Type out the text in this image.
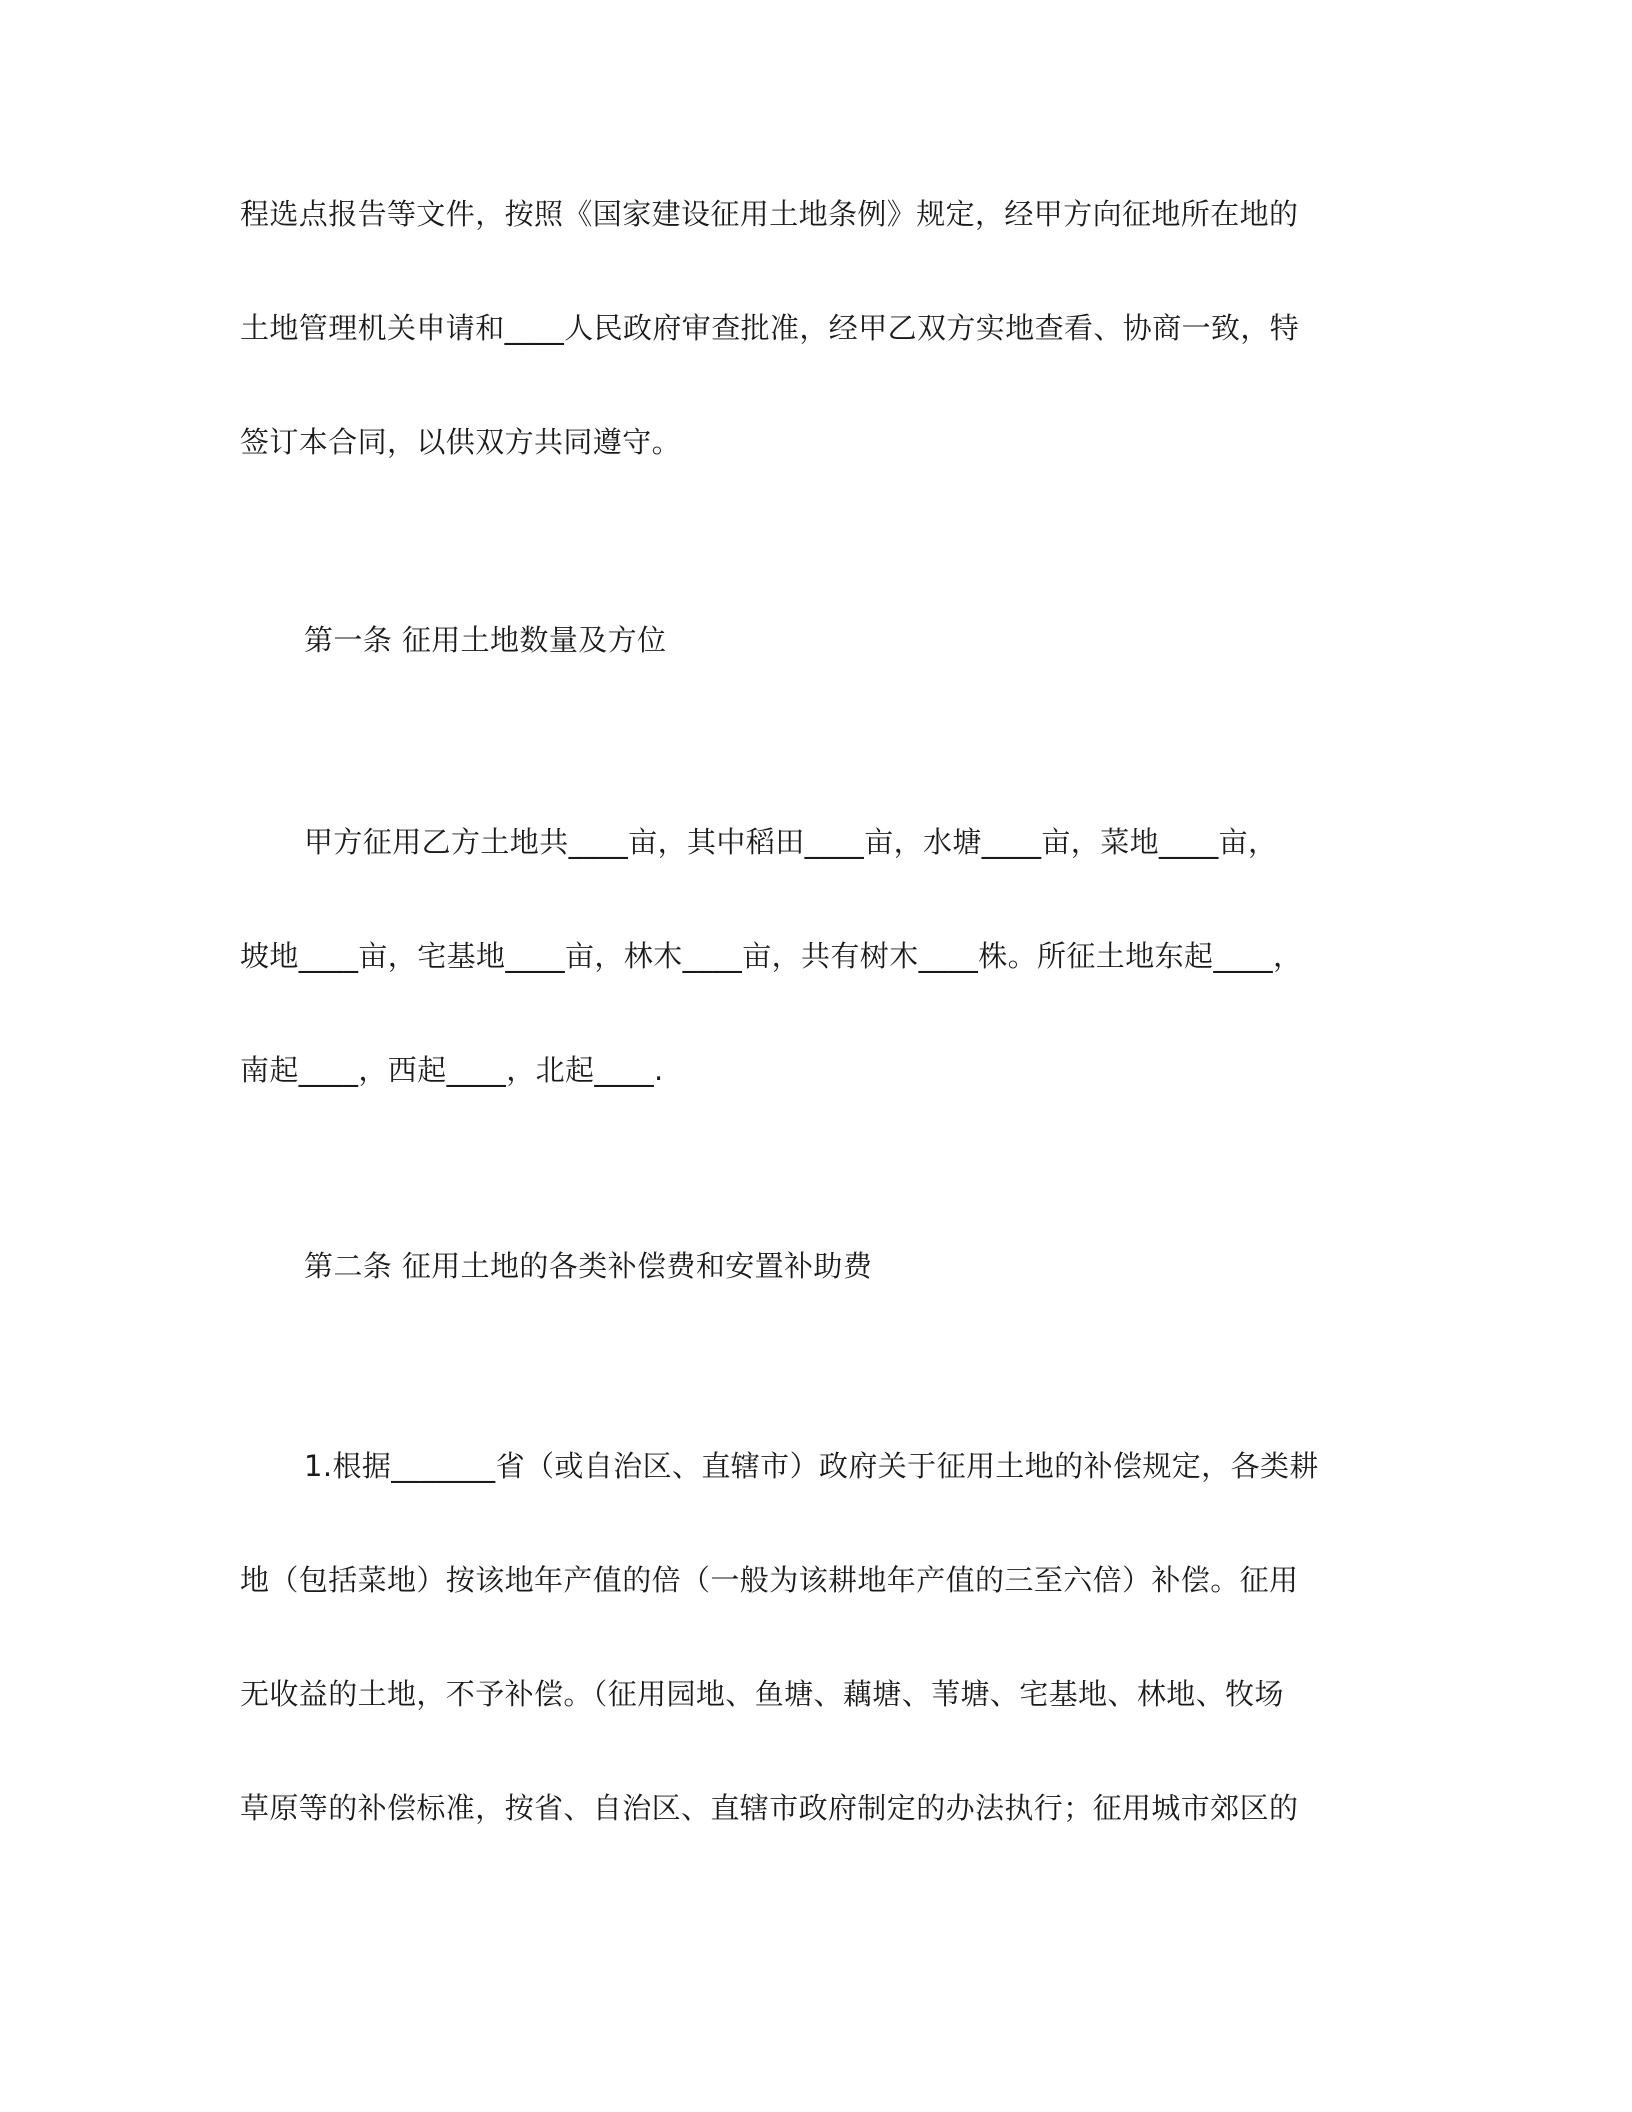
程选点报告等文件，按照《国家建设征用土地条例》规定，经甲方向征地所在地的
土地管理机关申请和____人民政府审查批准，经甲乙双方实地查看、协商一致，特
签订本合同，以供双方共同遵守。
第一条 征用土地数量及方位
甲方征用乙方土地共____亩，其中稻田____亩，水塘____亩，菜地____亩，
坡地____亩，宅基地____亩，林木____亩，共有树木____株。所征土地东起____，
南起____，西起____，北起____.
第二条 征用土地的各类补偿费和安置补助费
1.根据_______省（或自治区、直辖市）政府关于征用土地的补偿规定，各类耕
地（包括菜地）按该地年产值的倍（一般为该耕地年产值的三至六倍）补偿。征用
无收益的土地，不予补偿。（征用园地、鱼塘、藕塘、苇塘、宅基地、林地、牧场
草原等的补偿标准，按省、自治区、直辖市政府制定的办法执行；征用城市郊区的
